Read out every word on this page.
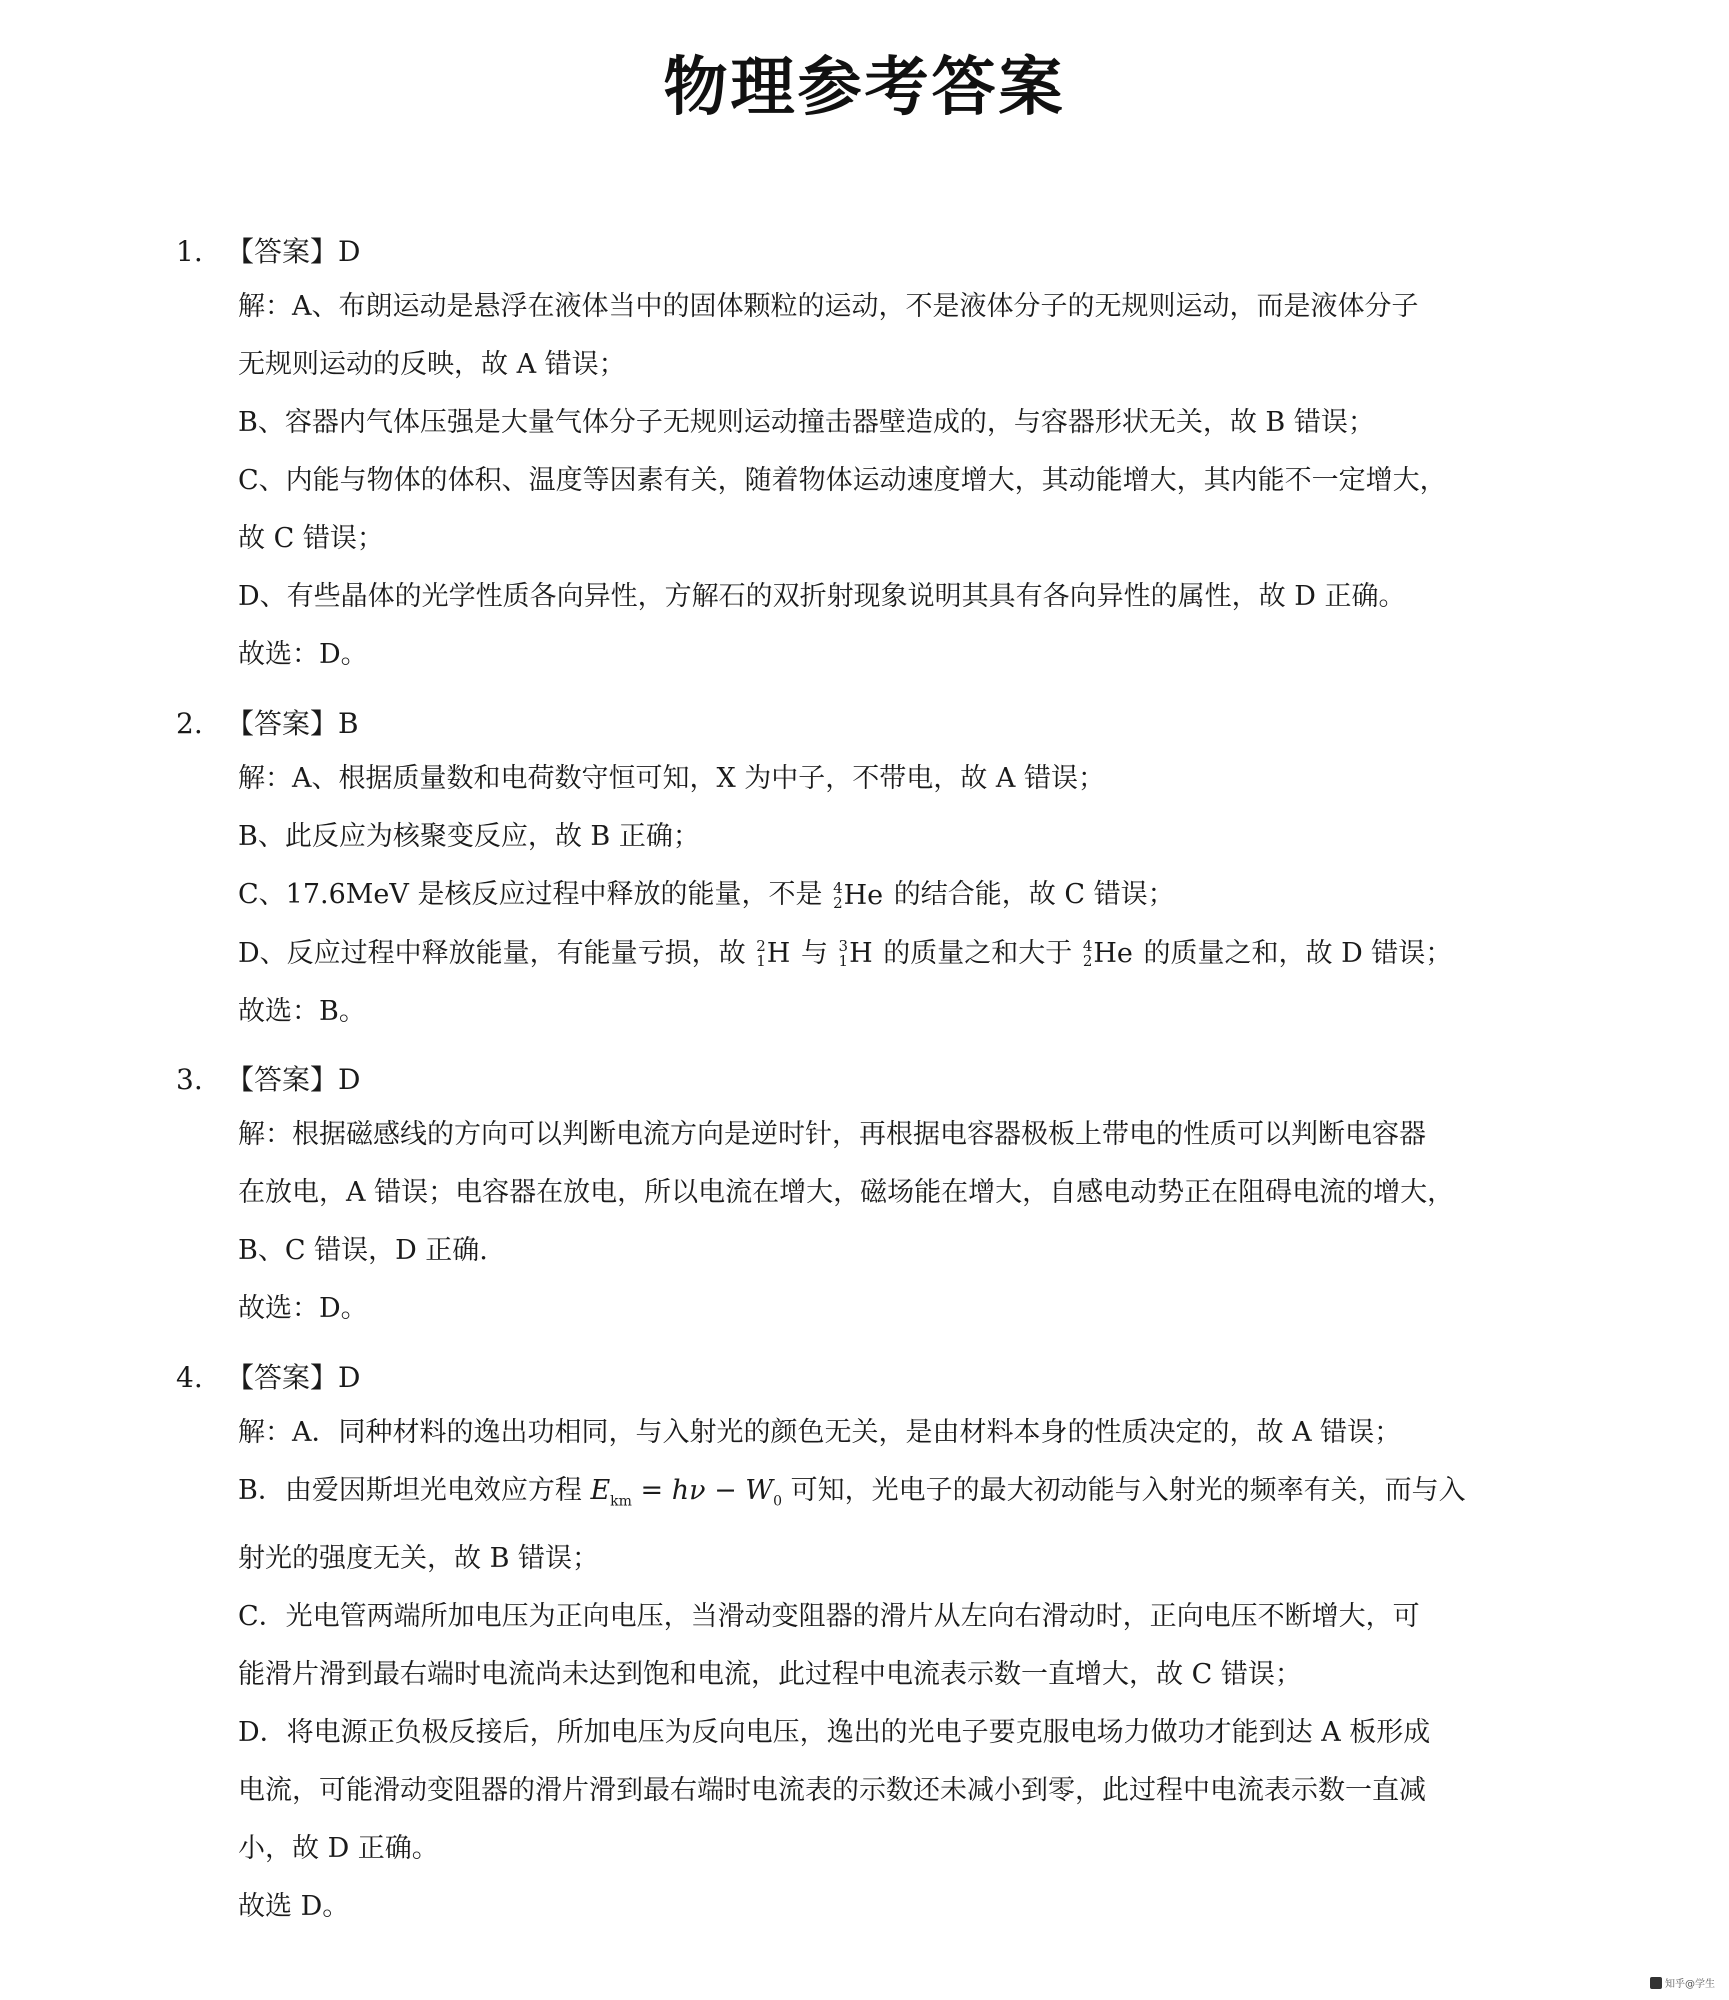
物理参考答案
1. 【答案】D
解：A、布朗运动是悬浮在液体当中的固体颗粒的运动，不是液体分子的无规则运动，而是液体分子
无规则运动的反映，故 A 错误；
B、容器内气体压强是大量气体分子无规则运动撞击器壁造成的，与容器形状无关，故 B 错误；
C、内能与物体的体积、温度等因素有关，随着物体运动速度增大，其动能增大，其内能不一定增大，
故 C 错误；
D、有些晶体的光学性质各向异性，方解石的双折射现象说明其具有各向异性的属性，故 D 正确。
故选：D。
2. 【答案】B
解：A、根据质量数和电荷数守恒可知，X 为中子，不带电，故 A 错误；
B、此反应为核聚变反应，故 B 正确；
C、17.6MeV 是核反应过程中释放的能量，不是 4
2 He 的结合能，故 C 错误；
D、反应过程中释放能量，有能量亏损，故 2
1 H 与 3
1 H 的质量之和大于 4
2 He 的质量之和，故 D 错误；
故选：B。
3. 【答案】D
解：根据磁感线的方向可以判断电流方向是逆时针，再根据电容器极板上带电的性质可以判断电容器
在放电，A 错误；电容器在放电，所以电流在增大，磁场能在增大，自感电动势正在阻碍电流的增大，
B、C 错误，D 正确.
故选：D。
4. 【答案】D
解：A．同种材料的逸出功相同，与入射光的颜色无关，是由材料本身的性质决定的，故 A 错误；
B．由爱因斯坦光电效应方程 $E_{km} = h\nu - W_0$ 可知，光电子的最大初动能与入射光的频率有关，而与入
射光的强度无关，故 B 错误；
C．光电管两端所加电压为正向电压，当滑动变阻器的滑片从左向右滑动时，正向电压不断增大，可
能滑片滑到最右端时电流尚未达到饱和电流，此过程中电流表示数一直增大，故 C 错误；
D．将电源正负极反接后，所加电压为反向电压，逸出的光电子要克服电场力做功才能到达 A 板形成
电流，可能滑动变阻器的滑片滑到最右端时电流表的示数还未减小到零，此过程中电流表示数一直减
小，故 D 正确。
故选 D。
知乎@学生
